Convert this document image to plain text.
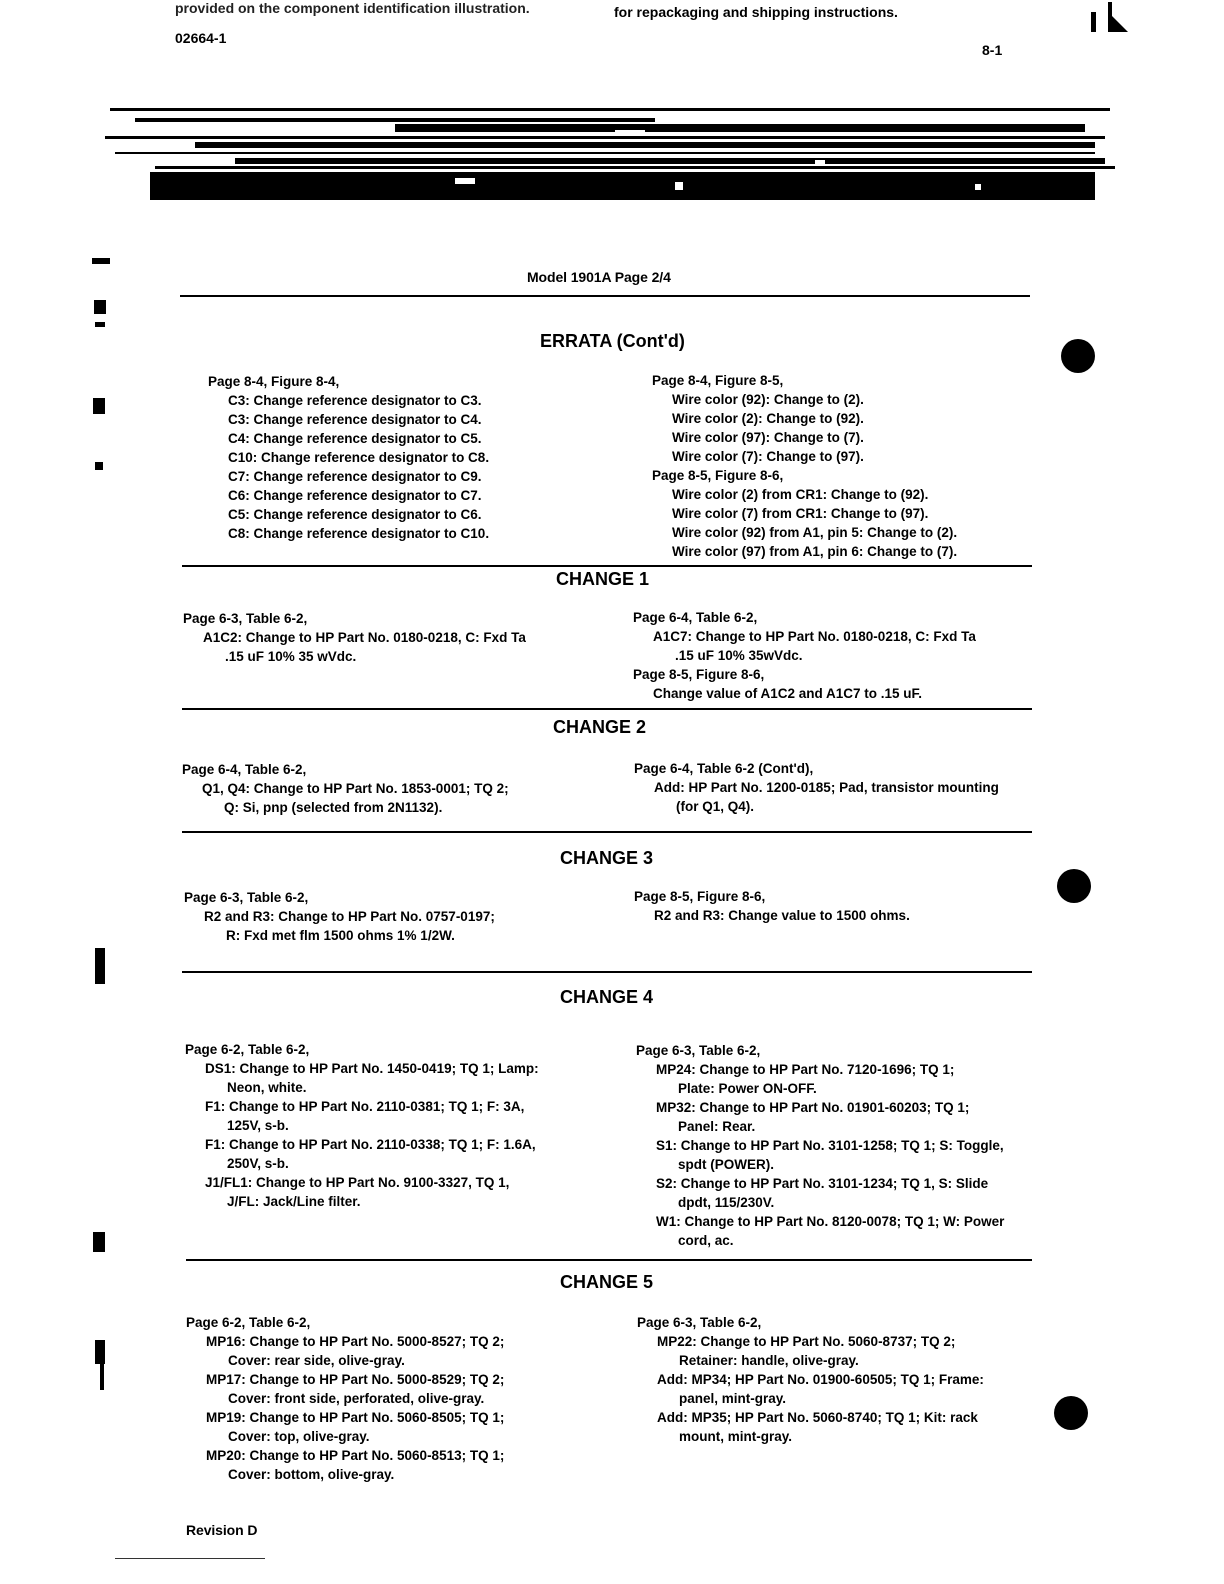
provided on the component identification illustration.	for repackaging and shipping instructions.
02664-1
8-1
Model 1901A Page 2/4
ERRATA (Cont'd)
Page 8-4, Figure 8-4,
C3: Change reference designator to C3.
C3: Change reference designator to C4.
C4: Change reference designator to C5.
C10: Change reference designator to C8.
C7: Change reference designator to C9.
C6: Change reference designator to C7.
C5: Change reference designator to C6.
C8: Change reference designator to C10.
Page 8-4, Figure 8-5,
Wire color (92): Change to (2).
Wire color (2): Change to (92).
Wire color (97): Change to (7).
Wire color (7): Change to (97).
Page 8-5, Figure 8-6,
Wire color (2) from CR1: Change to (92).
Wire color (7) from CR1: Change to (97).
Wire color (92) from A1, pin 5: Change to (2).
Wire color (97) from A1, pin 6: Change to (7).
CHANGE 1
Page 6-3, Table 6-2,
A1C2: Change to HP Part No. 0180-0218, C: Fxd Ta
.15 uF 10% 35 wVdc.
Page 6-4, Table 6-2,
A1C7: Change to HP Part No. 0180-0218, C: Fxd Ta
.15 uF 10% 35wVdc.
Page 8-5, Figure 8-6,
Change value of A1C2 and A1C7 to .15 uF.
CHANGE 2
Page 6-4, Table 6-2,
Q1, Q4: Change to HP Part No. 1853-0001; TQ 2;
Q: Si, pnp (selected from 2N1132).
Page 6-4, Table 6-2 (Cont'd),
Add: HP Part No. 1200-0185; Pad, transistor mounting
(for Q1, Q4).
CHANGE 3
Page 6-3, Table 6-2,
R2 and R3: Change to HP Part No. 0757-0197;
R: Fxd met flm 1500 ohms 1% 1/2W.
Page 8-5, Figure 8-6,
R2 and R3: Change value to 1500 ohms.
CHANGE 4
Page 6-2, Table 6-2,
DS1: Change to HP Part No. 1450-0419; TQ 1; Lamp:
Neon, white.
F1: Change to HP Part No. 2110-0381; TQ 1; F: 3A,
125V, s-b.
F1: Change to HP Part No. 2110-0338; TQ 1; F: 1.6A,
250V, s-b.
J1/FL1: Change to HP Part No. 9100-3327, TQ 1,
J/FL: Jack/Line filter.
Page 6-3, Table 6-2,
MP24: Change to HP Part No. 7120-1696; TQ 1;
Plate: Power ON-OFF.
MP32: Change to HP Part No. 01901-60203; TQ 1;
Panel: Rear.
S1: Change to HP Part No. 3101-1258; TQ 1; S: Toggle,
spdt (POWER).
S2: Change to HP Part No. 3101-1234; TQ 1, S: Slide
dpdt, 115/230V.
W1: Change to HP Part No. 8120-0078; TQ 1; W: Power
cord, ac.
CHANGE 5
Page 6-2, Table 6-2,
MP16: Change to HP Part No. 5000-8527; TQ 2;
Cover: rear side, olive-gray.
MP17: Change to HP Part No. 5000-8529; TQ 2;
Cover: front side, perforated, olive-gray.
MP19: Change to HP Part No. 5060-8505; TQ 1;
Cover: top, olive-gray.
MP20: Change to HP Part No. 5060-8513; TQ 1;
Cover: bottom, olive-gray.
Page 6-3, Table 6-2,
MP22: Change to HP Part No. 5060-8737; TQ 2;
Retainer: handle, olive-gray.
Add: MP34; HP Part No. 01900-60505; TQ 1; Frame:
panel, mint-gray.
Add: MP35; HP Part No. 5060-8740; TQ 1; Kit: rack
mount, mint-gray.
Revision D
